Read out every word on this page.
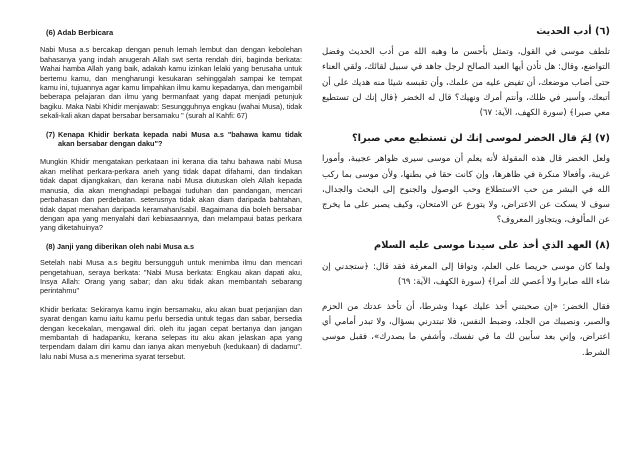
(6) Adab Berbicara

Nabi Musa a.s bercakap dengan penuh lemah lembut dan dengan kebolehan bahasanya yang indah anugerah Allah swt serta rendah diri, baginda berkata: Wahai hamba Allah yang baik, adakah kamu izinkan lelaki yang berusaha untuk bertemu kamu, dan mengharungi kesukaran sehinggalah sampai ke tempat kamu ini, tujuannya agar kamu limpahkan ilmu kamu kepadanya, dan mengambil beberapa pelajaran dan ilmu yang bermanfaat yang dapat menjadi petunjuk bagiku. Maka Nabi Khidir menjawab: Sesungguhnya engkau (wahai Musa), tidak sekali-kali akan dapat bersabar bersamaku " (surah al Kahfi: 67)

(7) Kenapa Khidir berkata kepada nabi Musa a.s "bahawa kamu tidak akan bersabar dengan daku"?

Mungkin Khidir mengatakan perkataan ini kerana dia tahu bahawa nabi Musa akan melihat perkara-perkara aneh yang tidak dapat difahami, dan tindakan tidak dapat dijangkakan, dan kerana nabi Musa diutuskan oleh Allah kepada manusia, dia akan menghadapi pelbagai tuduhan dan pandangan, mencari perbahasan dan perdebatan. seterusnya tidak akan diam daripada bahtahan, tidak dapat menahan daripada keramahan/sabil. Bagaimana dia boleh bersabar dengan apa yang menyalahi dari kebiasaannya, dan melampaui batas perkara yang diketahuinya?

(8) Janji yang diberikan oleh nabi Musa a.s

Setelah nabi Musa a.s begitu bersungguh untuk menimba ilmu dan mencari pengetahuan, seraya berkata: "Nabi Musa berkata: Engkau akan dapati aku, Insya Allah: Orang yang sabar; dan aku tidak akan membantah sebarang perintahmu"

Khidir berkata: Sekiranya kamu ingin bersamaku, aku akan buat perjanjian dan syarat dengan kamu iaitu kamu perlu bersedia untuk tegas dan sabar, bersedia dengan kecekalan, mengawal diri. oleh itu jagan cepat bertanya dan jangan membantah di hadapanku, kerana selepas itu aku akan jelaskan apa yang terpendam dalam diri kamu dan ianya akan menyebuh (kedukaan) di dadamu". lalu nabi Musa a.s menerima syarat tersebut.

(٦) أدب الحديث

تلطف موسى في القول، وتمثل بأحسن ما وهبه الله من أدب الحديث وفضل التواضع، وقال: هل تأذن أيها العبد الصالح لرجل جاهد في سبيل لقائك، ولقي العناء حتى أصاب موضعك، أن تفيض عليه من علمك، وأن تقبسه شيئا منه هديك على أن أتبعك، وأسير في ظلك، وأنتم أمرك ونهيك؟ قال له الخضر ﴿قال إنك لن تستطيع معي صبرا﴾ (سورة الكهف، الآية: ٦٧)

(٧) لِمَ قال الخضر لموسى إنك لن تستطيع معي صبرا؟

ولعل الخضر قال هذه المقولة لأنه يعلم أن موسى سيرى ظواهر عجيبة، وأمورا غريبة، وأفعالا منكرة في ظاهرها، وإن كانت حقا في بطنها، ولأن موسى بما ركب الله في البشر من حب الاستطلاع وحب الوصول والجنوح إلى البحث والجدال، سوف لا يسكت عن الاعتراض، ولا يتورع عن الامتحان، وكيف يصبر على ما يخرج عن المألوف، ويتجاوز المعروف؟

(٨) العهد الذي أخذ على سيدنا موسى عليه السلام

ولما كان موسى حريصا على العلم، وتواقا إلى المعرفة فقد قال: ﴿ستجدني إن شاء الله صابرا ولا أعصي لك أمرا﴾ (سورة الكهف، الآية: ٦٩)

فقال الخضر: «إن صحبتني أخذ عليك عهدا وشرطا، أن تأخذ عدتك من الحزم والصبر، ونصيبك من الجلد، وضبط النفس، فلا تبتدرني بسؤال، ولا تبدر أمامي أي اعتراض، وإني بعد سأبين لك ما في نفسك، وأشفي ما بصدرك»، فقبل موسى الشرط.
